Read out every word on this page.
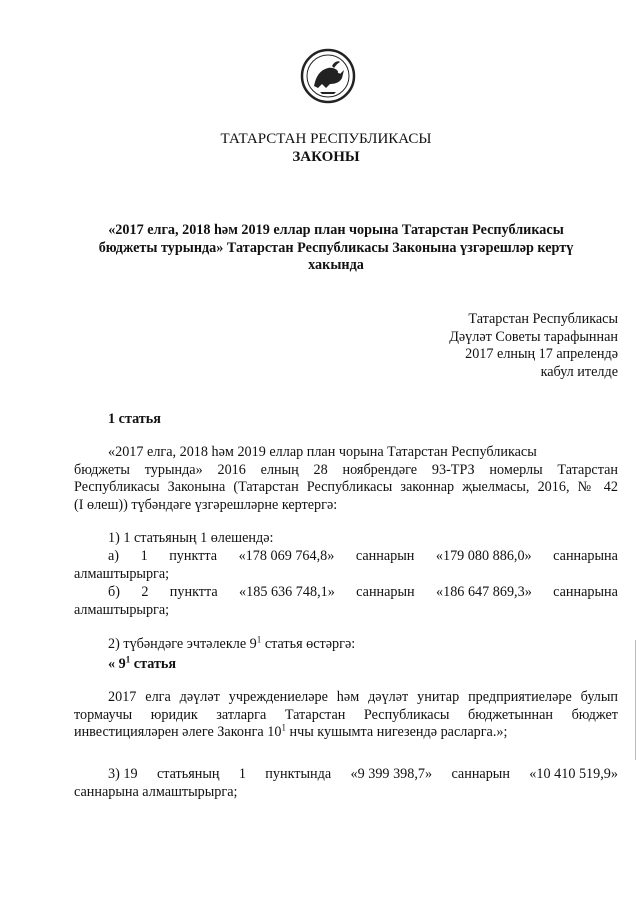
ТАТАРСТАН РЕСПУБЛИКАСЫ
ЗАКОНЫ
«2017 елга, 2018 һәм 2019 еллар план чорына Татарстан Республикасы
бюджеты турында» Татарстан Республикасы Законына үзгәрешләр кертү
хакында
Татарстан Республикасы
Дәүләт Советы тарафыннан
2017 елның 17 апрелендә
кабул ителде
1 статья
«2017 елга, 2018 һәм 2019 еллар план чорына Татарстан Республикасы
бюджеты турында» 2016 елның 28 ноябрендәге 93-ТРЗ номерлы Татарстан
Республикасы Законына (Татарстан Республикасы законнар җыелмасы, 2016, № 42
(I өлеш)) түбәндәге үзгәрешләрне кертергә:
1) 1 статьяның 1 өлешендә:
а) 1 пунктта «178 069 764,8» саннарын «179 080 886,0» саннарына
алмаштырырга;
б) 2 пунктта «185 636 748,1» саннарын «186 647 869,3» саннарына
алмаштырырга;
2) түбәндәге эчтәлекле $9^1$ статья өстәргә:
« $9^1$ статья
2017 елга дәүләт учреждениеләре һәм дәүләт унитар предприятиеләре булып
тормаучы юридик затларга Татарстан Республикасы бюджетыннан бюджет
инвестицияләрен әлеге Законга $10^1$ нчы кушымта нигезендә расларга.»;
3) 19 статьяның 1 пунктында «9 399 398,7» саннарын «10 410 519,9»
саннарына алмаштырырга;
